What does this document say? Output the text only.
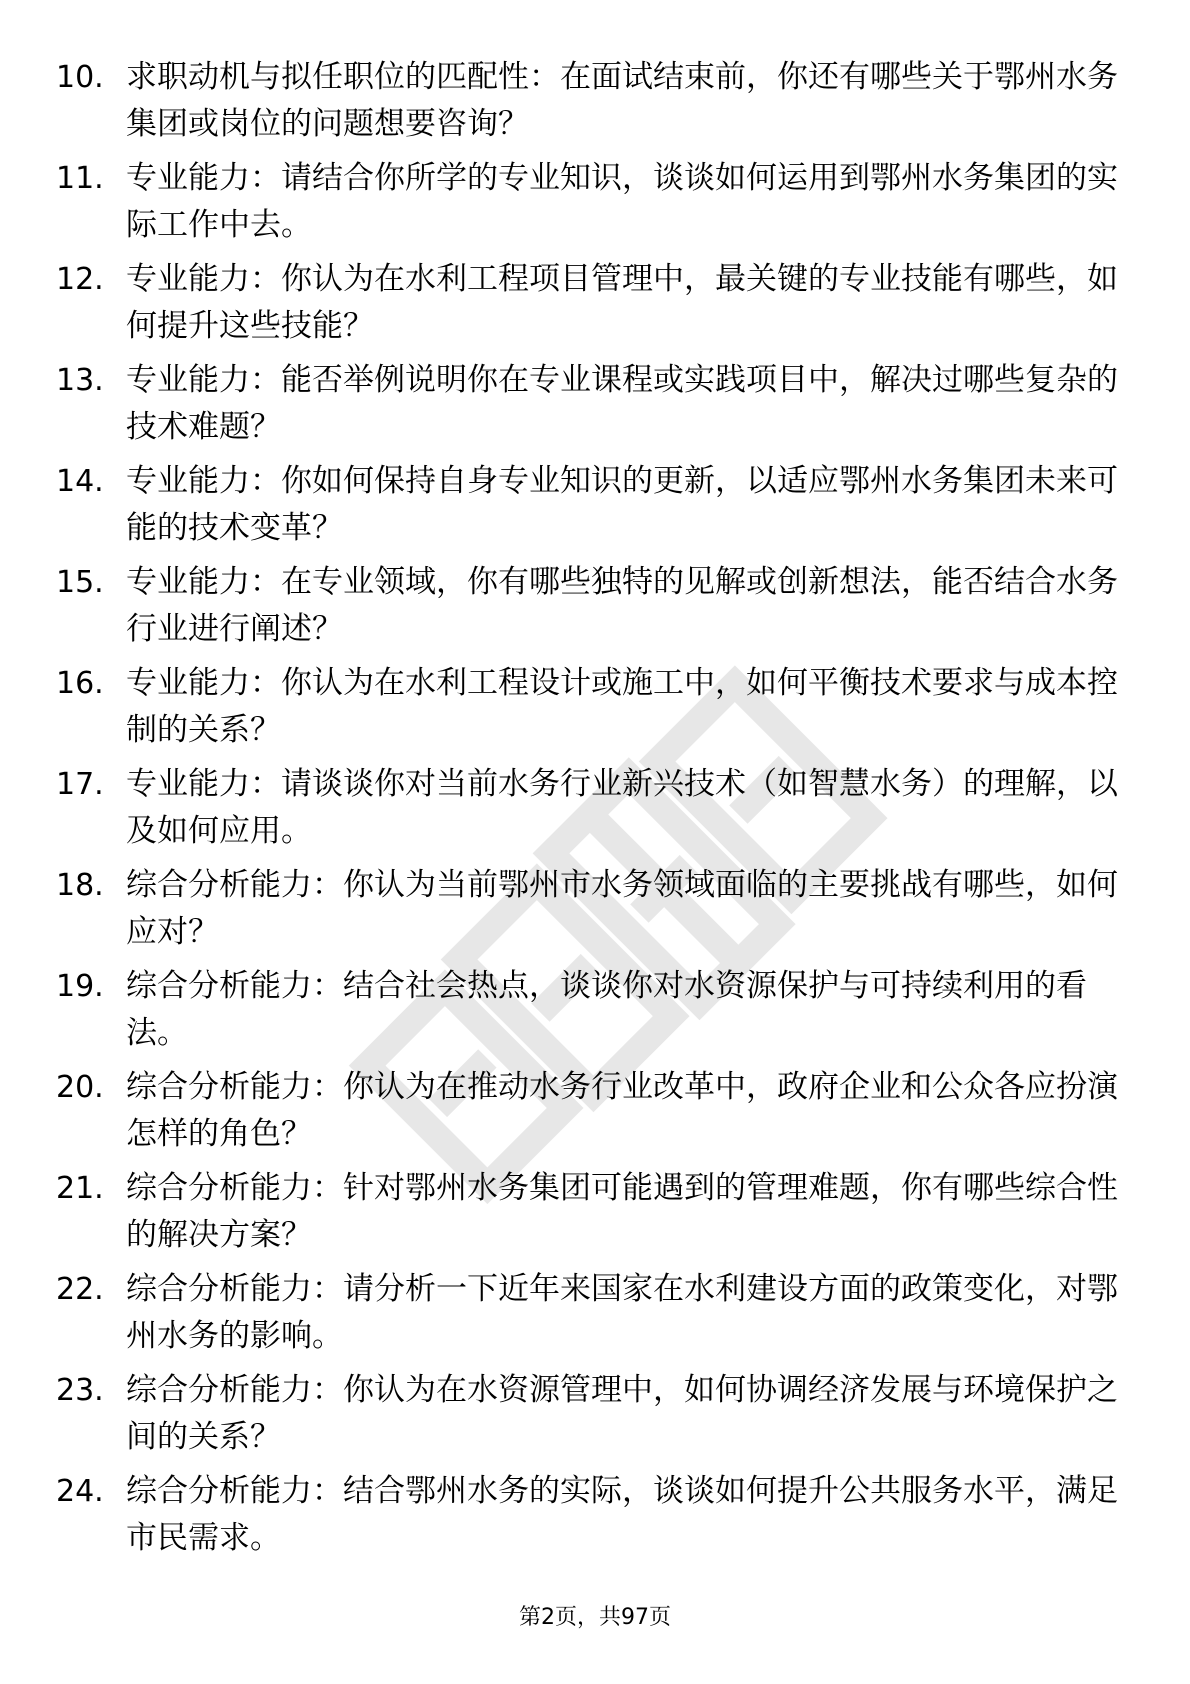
10. 求职动机与拟任职位的匹配性：在面试结束前，你还有哪些关于鄂州水务集团或岗位的问题想要咨询？

11. 专业能力：请结合你所学的专业知识，谈谈如何运用到鄂州水务集团的实际工作中去。

12. 专业能力：你认为在水利工程项目管理中，最关键的专业技能有哪些，如何提升这些技能？

13. 专业能力：能否举例说明你在专业课程或实践项目中，解决过哪些复杂的技术难题？

14. 专业能力：你如何保持自身专业知识的更新，以适应鄂州水务集团未来可能的技术变革？

15. 专业能力：在专业领域，你有哪些独特的见解或创新想法，能否结合水务行业进行阐述？

16. 专业能力：你认为在水利工程设计或施工中，如何平衡技术要求与成本控制的关系？

17. 专业能力：请谈谈你对当前水务行业新兴技术（如智慧水务）的理解，以及如何应用。

18. 综合分析能力：你认为当前鄂州市水务领域面临的主要挑战有哪些，如何应对？

19. 综合分析能力：结合社会热点，谈谈你对水资源保护与可持续利用的看法。

20. 综合分析能力：你认为在推动水务行业改革中，政府企业和公众各应扮演怎样的角色？

21. 综合分析能力：针对鄂州水务集团可能遇到的管理难题，你有哪些综合性的解决方案？

22. 综合分析能力：请分析一下近年来国家在水利建设方面的政策变化，对鄂州水务的影响。

23. 综合分析能力：你认为在水资源管理中，如何协调经济发展与环境保护之间的关系？

24. 综合分析能力：结合鄂州水务的实际，谈谈如何提升公共服务水平，满足市民需求。

第2页，共97页
